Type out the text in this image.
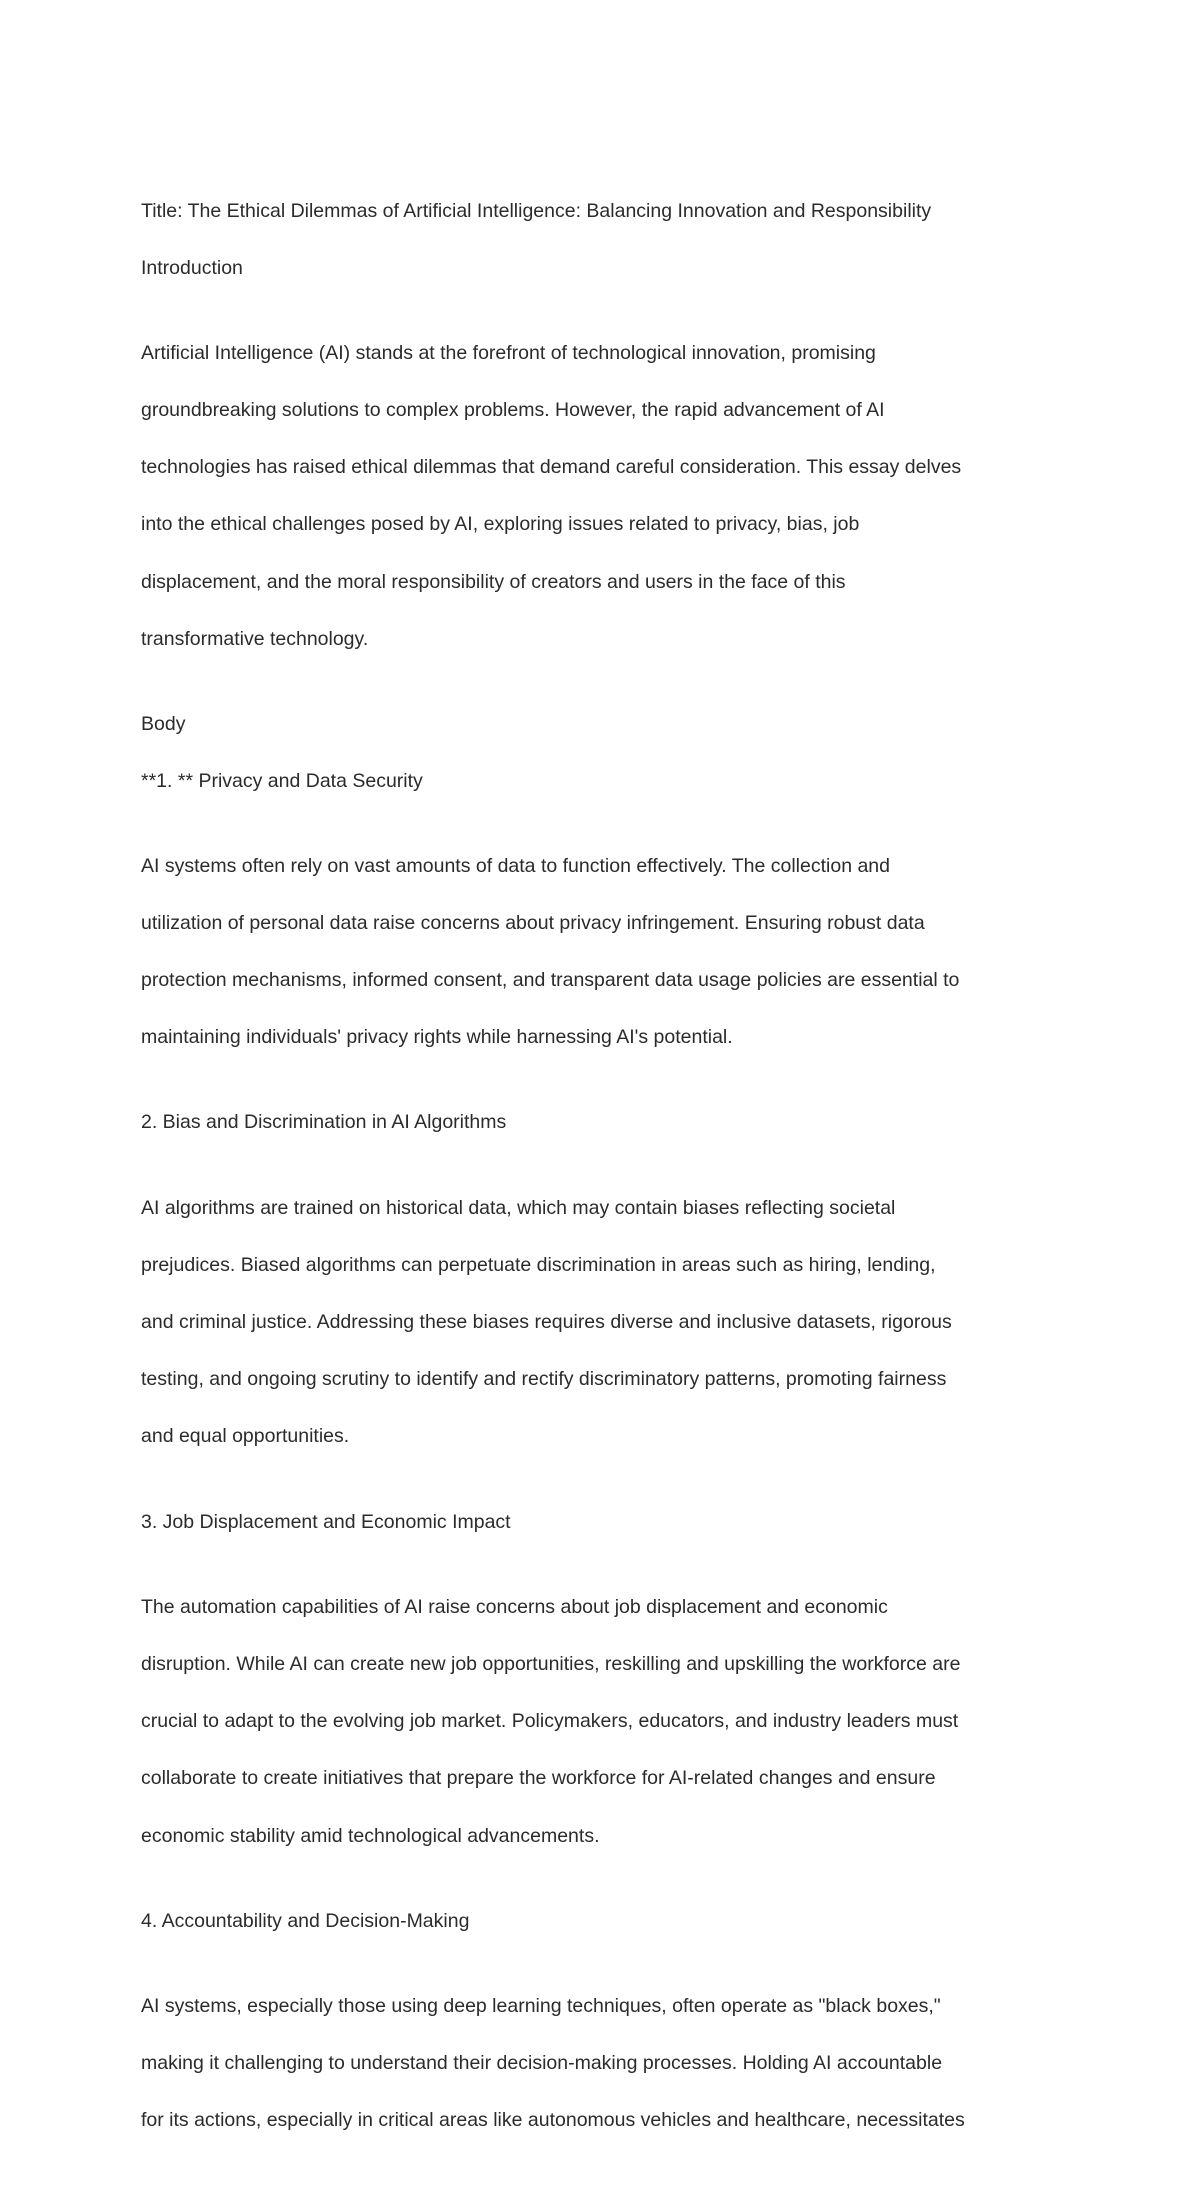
Title: The Ethical Dilemmas of Artificial Intelligence: Balancing Innovation and Responsibility
Introduction

Artificial Intelligence (AI) stands at the forefront of technological innovation, promising

groundbreaking solutions to complex problems. However, the rapid advancement of AI

technologies has raised ethical dilemmas that demand careful consideration. This essay delves

into the ethical challenges posed by AI, exploring issues related to privacy, bias, job

displacement, and the moral responsibility of creators and users in the face of this

transformative technology.

Body
**1. ** Privacy and Data Security

AI systems often rely on vast amounts of data to function effectively. The collection and

utilization of personal data raise concerns about privacy infringement. Ensuring robust data

protection mechanisms, informed consent, and transparent data usage policies are essential to

maintaining individuals' privacy rights while harnessing AI's potential.

2. Bias and Discrimination in AI Algorithms

AI algorithms are trained on historical data, which may contain biases reflecting societal

prejudices. Biased algorithms can perpetuate discrimination in areas such as hiring, lending,

and criminal justice. Addressing these biases requires diverse and inclusive datasets, rigorous

testing, and ongoing scrutiny to identify and rectify discriminatory patterns, promoting fairness

and equal opportunities.

3. Job Displacement and Economic Impact

The automation capabilities of AI raise concerns about job displacement and economic

disruption. While AI can create new job opportunities, reskilling and upskilling the workforce are

crucial to adapt to the evolving job market. Policymakers, educators, and industry leaders must

collaborate to create initiatives that prepare the workforce for AI-related changes and ensure

economic stability amid technological advancements.

4. Accountability and Decision-Making

AI systems, especially those using deep learning techniques, often operate as "black boxes,"

making it challenging to understand their decision-making processes. Holding AI accountable

for its actions, especially in critical areas like autonomous vehicles and healthcare, necessitates
